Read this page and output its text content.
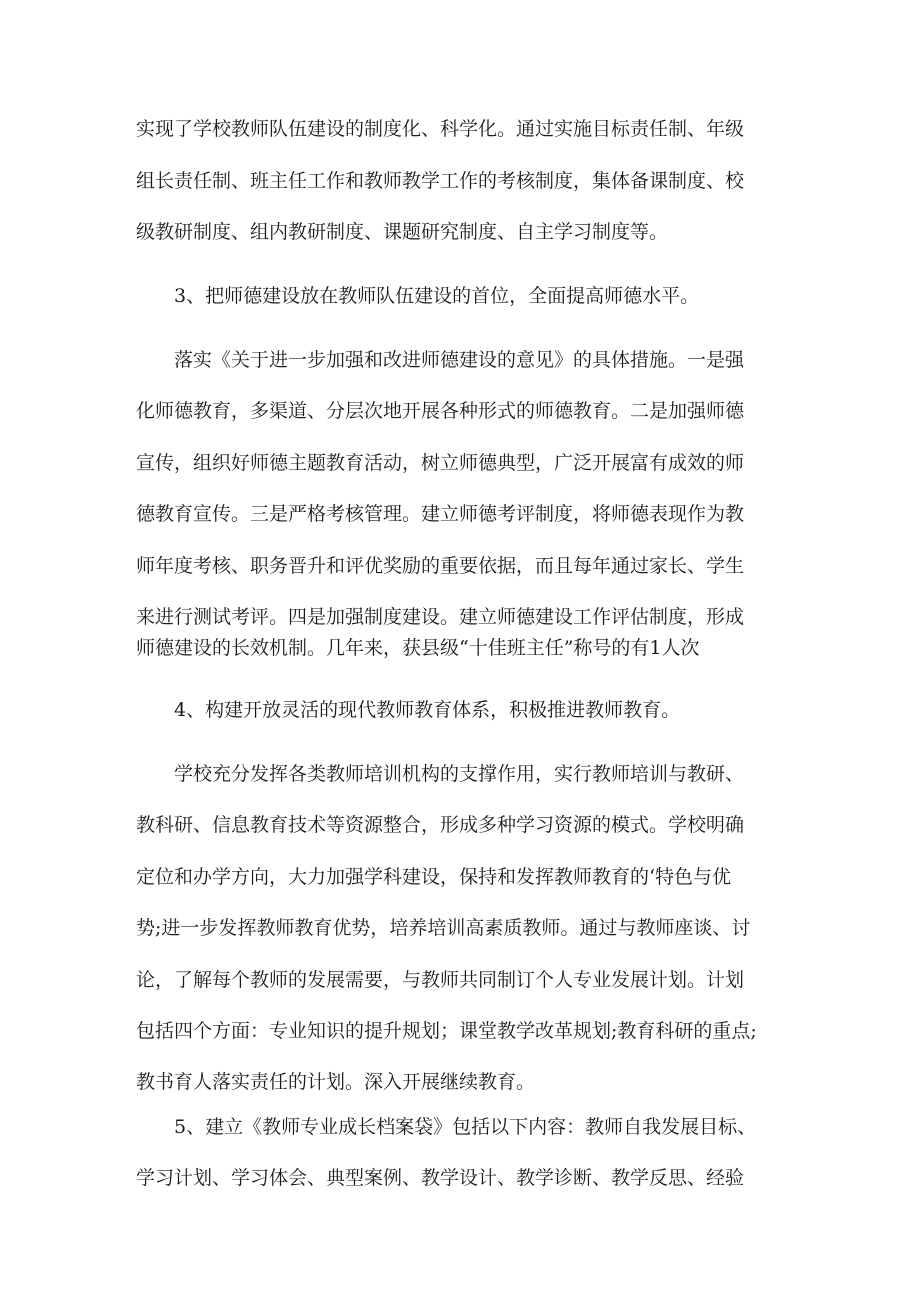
实现了学校教师队伍建设的制度化、科学化。通过实施目标责任制、年级
组长责任制、班主任工作和教师教学工作的考核制度，集体备课制度、校
级教研制度、组内教研制度、课题研究制度、自主学习制度等。
3、把师德建设放在教师队伍建设的首位，全面提高师德水平。
落实《关于进一步加强和改进师德建设的意见》的具体措施。一是强
化师德教育，多渠道、分层次地开展各种形式的师德教育。二是加强师德
宣传，组织好师德主题教育活动，树立师德典型，广泛开展富有成效的师
德教育宣传。三是严格考核管理。建立师德考评制度，将师德表现作为教
师年度考核、职务晋升和评优奖励的重要依据，而且每年通过家长、学生
来进行测试考评。四是加强制度建设。建立师德建设工作评估制度，形成
师德建设的长效机制。几年来，获县级“十佳班主任”称号的有1人次
4、构建开放灵活的现代教师教育体系，积极推进教师教育。
学校充分发挥各类教师培训机构的支撑作用，实行教师培训与教研、
教科研、信息教育技术等资源整合，形成多种学习资源的模式。学校明确
定位和办学方向，大力加强学科建设，保持和发挥教师教育的‘特色与优
势;进一步发挥教师教育优势，培养培训高素质教师。通过与教师座谈、讨
论，了解每个教师的发展需要，与教师共同制订个人专业发展计划。计划
包括四个方面：专业知识的提升规划；课堂教学改革规划;教育科研的重点;
教书育人落实责任的计划。深入开展继续教育。
5、建立《教师专业成长档案袋》包括以下内容：教师自我发展目标、
学习计划、学习体会、典型案例、教学设计、教学诊断、教学反思、经验
